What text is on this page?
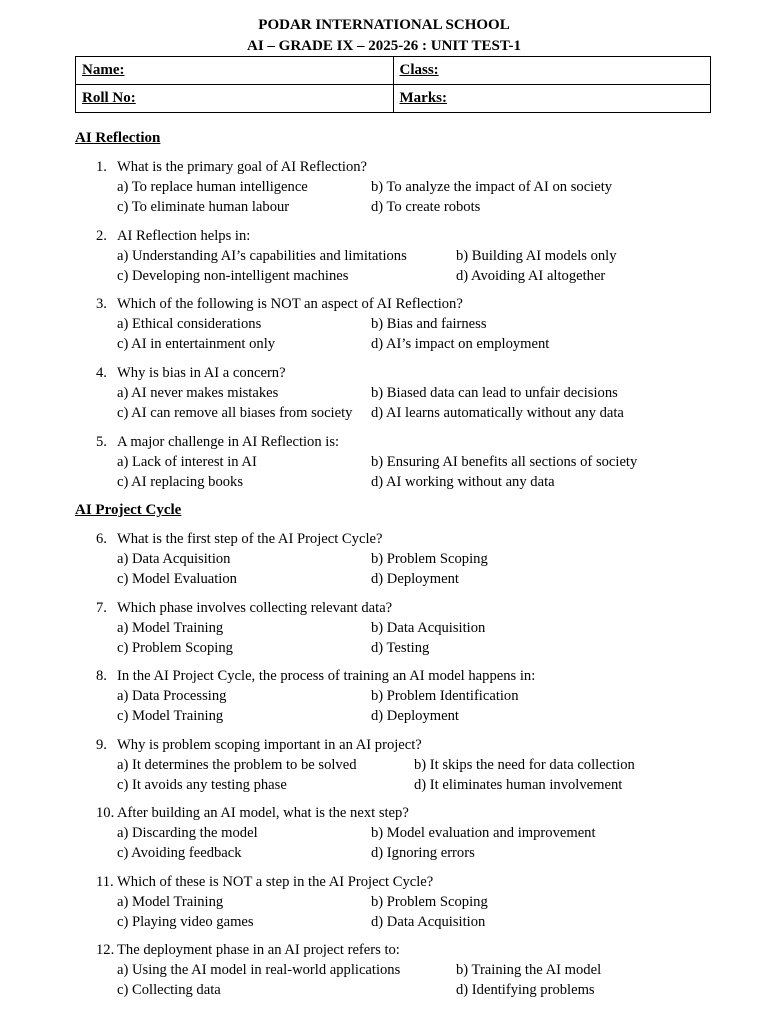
PODAR INTERNATIONAL SCHOOL
AI – GRADE IX – 2025-26 : UNIT TEST-1
Name:	Class:
Roll No:	Marks:
AI Reflection
1. What is the primary goal of AI Reflection?
a) To replace human intelligence	b) To analyze the impact of AI on society
c) To eliminate human labour	d) To create robots
2. AI Reflection helps in:
a) Understanding AI’s capabilities and limitations	b) Building AI models only
c) Developing non-intelligent machines	d) Avoiding AI altogether
3. Which of the following is NOT an aspect of AI Reflection?
a) Ethical considerations	b) Bias and fairness
c) AI in entertainment only	d) AI’s impact on employment
4. Why is bias in AI a concern?
a) AI never makes mistakes	b) Biased data can lead to unfair decisions
c) AI can remove all biases from society d) AI learns automatically without any data
5. A major challenge in AI Reflection is:
a) Lack of interest in AI	b) Ensuring AI benefits all sections of society
c) AI replacing books	d) AI working without any data
AI Project Cycle
6. What is the first step of the AI Project Cycle?
a) Data Acquisition	b) Problem Scoping
c) Model Evaluation	d) Deployment
7. Which phase involves collecting relevant data?
a) Model Training	b) Data Acquisition
c) Problem Scoping	d) Testing
8. In the AI Project Cycle, the process of training an AI model happens in:
a) Data Processing	b) Problem Identification
c) Model Training	d) Deployment
9. Why is problem scoping important in an AI project?
a) It determines the problem to be solved	b) It skips the need for data collection
c) It avoids any testing phase	d) It eliminates human involvement
10. After building an AI model, what is the next step?
a) Discarding the model	b) Model evaluation and improvement
c) Avoiding feedback	d) Ignoring errors
11. Which of these is NOT a step in the AI Project Cycle?
a) Model Training	b) Problem Scoping
c) Playing video games	d) Data Acquisition
12. The deployment phase in an AI project refers to:
a) Using the AI model in real-world applications	b) Training the AI model
c) Collecting data	d) Identifying problems
